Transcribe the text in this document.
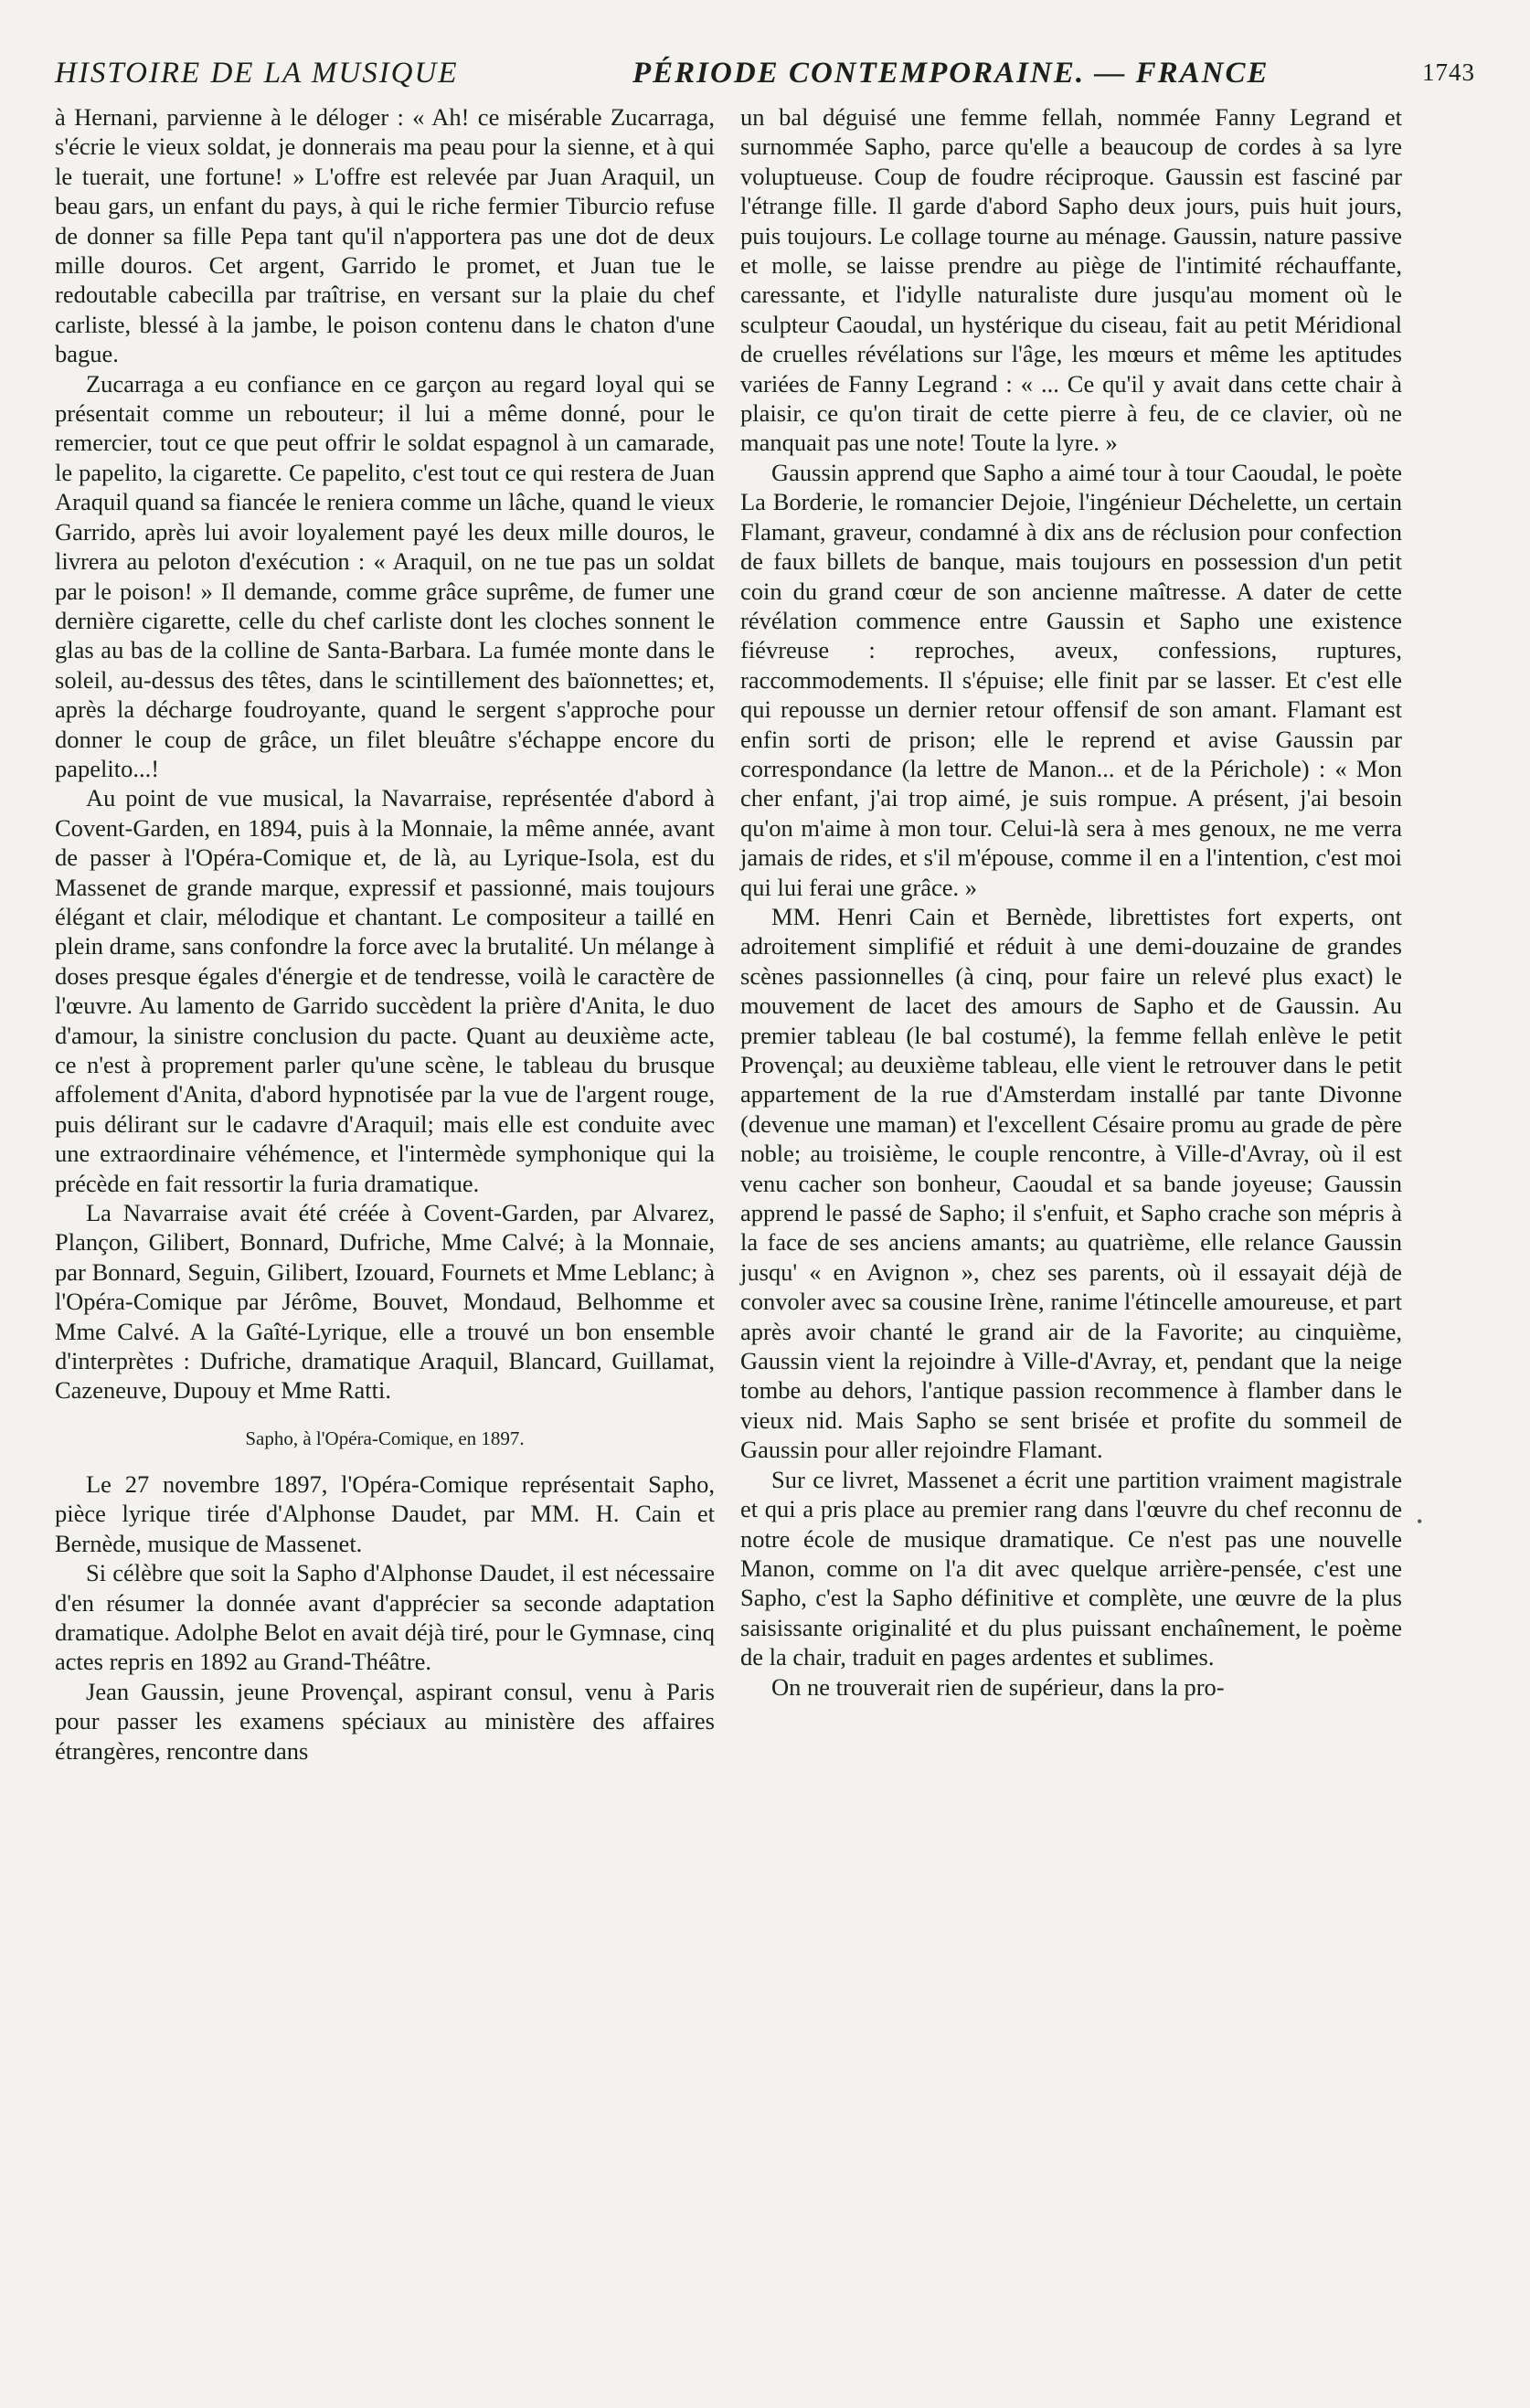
HISTOIRE DE LA MUSIQUE	PÉRIODE CONTEMPORAINE. — FRANCE	1743

à Hernani, parvienne à le déloger : « Ah! ce misérable Zucarraga, s'écrie le vieux soldat, je donnerais ma peau pour la sienne, et à qui le tuerait, une fortune! » L'offre est relevée par Juan Araquil, un beau gars, un enfant du pays, à qui le riche fermier Tiburcio refuse de donner sa fille Pepa tant qu'il n'apportera pas une dot de deux mille douros. Cet argent, Garrido le promet, et Juan tue le redoutable cabecilla par traîtrise, en versant sur la plaie du chef carliste, blessé à la jambe, le poison contenu dans le chaton d'une bague.

Zucarraga a eu confiance en ce garçon au regard loyal qui se présentait comme un rebouteur; il lui a même donné, pour le remercier, tout ce que peut offrir le soldat espagnol à un camarade, le papelito, la cigarette. Ce papelito, c'est tout ce qui restera de Juan Araquil quand sa fiancée le reniera comme un lâche, quand le vieux Garrido, après lui avoir loyalement payé les deux mille douros, le livrera au peloton d'exécution : « Araquil, on ne tue pas un soldat par le poison! » Il demande, comme grâce suprême, de fumer une dernière cigarette, celle du chef carliste dont les cloches sonnent le glas au bas de la colline de Santa-Barbara. La fumée monte dans le soleil, au-dessus des têtes, dans le scintillement des baïonnettes; et, après la décharge foudroyante, quand le sergent s'approche pour donner le coup de grâce, un filet bleuâtre s'échappe encore du papelito...!

Au point de vue musical, la Navarraise, représentée d'abord à Covent-Garden, en 1894, puis à la Monnaie, la même année, avant de passer à l'Opéra-Comique et, de là, au Lyrique-Isola, est du Massenet de grande marque, expressif et passionné, mais toujours élégant et clair, mélodique et chantant. Le compositeur a taillé en plein drame, sans confondre la force avec la brutalité. Un mélange à doses presque égales d'énergie et de tendresse, voilà le caractère de l'œuvre. Au lamento de Garrido succèdent la prière d'Anita, le duo d'amour, la sinistre conclusion du pacte. Quant au deuxième acte, ce n'est à proprement parler qu'une scène, le tableau du brusque affolement d'Anita, d'abord hypnotisée par la vue de l'argent rouge, puis délirant sur le cadavre d'Araquil; mais elle est conduite avec une extraordinaire véhémence, et l'intermède symphonique qui la précède en fait ressortir la furia dramatique.

La Navarraise avait été créée à Covent-Garden, par Alvarez, Plançon, Gilibert, Bonnard, Dufriche, Mme Calvé; à la Monnaie, par Bonnard, Seguin, Gilibert, Izouard, Fournets et Mme Leblanc; à l'Opéra-Comique par Jérôme, Bouvet, Mondaud, Belhomme et Mme Calvé. A la Gaîté-Lyrique, elle a trouvé un bon ensemble d'interprètes : Dufriche, dramatique Araquil, Blancard, Guillamat, Cazeneuve, Dupouy et Mme Ratti.

Sapho, à l'Opéra-Comique, en 1897.

Le 27 novembre 1897, l'Opéra-Comique représentait Sapho, pièce lyrique tirée d'Alphonse Daudet, par MM. H. Cain et Bernède, musique de Massenet.

Si célèbre que soit la Sapho d'Alphonse Daudet, il est nécessaire d'en résumer la donnée avant d'apprécier sa seconde adaptation dramatique. Adolphe Belot en avait déjà tiré, pour le Gymnase, cinq actes repris en 1892 au Grand-Théâtre.

Jean Gaussin, jeune Provençal, aspirant consul, venu à Paris pour passer les examens spéciaux au ministère des affaires étrangères, rencontre dans

un bal déguisé une femme fellah, nommée Fanny Legrand et surnommée Sapho, parce qu'elle a beaucoup de cordes à sa lyre voluptueuse. Coup de foudre réciproque. Gaussin est fasciné par l'étrange fille. Il garde d'abord Sapho deux jours, puis huit jours, puis toujours. Le collage tourne au ménage. Gaussin, nature passive et molle, se laisse prendre au piège de l'intimité réchauffante, caressante, et l'idylle naturaliste dure jusqu'au moment où le sculpteur Caoudal, un hystérique du ciseau, fait au petit Méridional de cruelles révélations sur l'âge, les mœurs et même les aptitudes variées de Fanny Legrand : « ... Ce qu'il y avait dans cette chair à plaisir, ce qu'on tirait de cette pierre à feu, de ce clavier, où ne manquait pas une note! Toute la lyre. »

Gaussin apprend que Sapho a aimé tour à tour Caoudal, le poète La Borderie, le romancier Dejoie, l'ingénieur Déchelette, un certain Flamant, graveur, condamné à dix ans de réclusion pour confection de faux billets de banque, mais toujours en possession d'un petit coin du grand cœur de son ancienne maîtresse. A dater de cette révélation commence entre Gaussin et Sapho une existence fiévreuse : reproches, aveux, confessions, ruptures, raccommodements. Il s'épuise; elle finit par se lasser. Et c'est elle qui repousse un dernier retour offensif de son amant. Flamant est enfin sorti de prison; elle le reprend et avise Gaussin par correspondance (la lettre de Manon... et de la Périchole) : « Mon cher enfant, j'ai trop aimé, je suis rompue. A présent, j'ai besoin qu'on m'aime à mon tour. Celui-là sera à mes genoux, ne me verra jamais de rides, et s'il m'épouse, comme il en a l'intention, c'est moi qui lui ferai une grâce. »

MM. Henri Cain et Bernède, librettistes fort experts, ont adroitement simplifié et réduit à une demi-douzaine de grandes scènes passionnelles (à cinq, pour faire un relevé plus exact) le mouvement de lacet des amours de Sapho et de Gaussin. Au premier tableau (le bal costumé), la femme fellah enlève le petit Provençal; au deuxième tableau, elle vient le retrouver dans le petit appartement de la rue d'Amsterdam installé par tante Divonne (devenue une maman) et l'excellent Césaire promu au grade de père noble; au troisième, le couple rencontre, à Ville-d'Avray, où il est venu cacher son bonheur, Caoudal et sa bande joyeuse; Gaussin apprend le passé de Sapho; il s'enfuit, et Sapho crache son mépris à la face de ses anciens amants; au quatrième, elle relance Gaussin jusqu' « en Avignon », chez ses parents, où il essayait déjà de convoler avec sa cousine Irène, ranime l'étincelle amoureuse, et part après avoir chanté le grand air de la Favorite; au cinquième, Gaussin vient la rejoindre à Ville-d'Avray, et, pendant que la neige tombe au dehors, l'antique passion recommence à flamber dans le vieux nid. Mais Sapho se sent brisée et profite du sommeil de Gaussin pour aller rejoindre Flamant.

Sur ce livret, Massenet a écrit une partition vraiment magistrale et qui a pris place au premier rang dans l'œuvre du chef reconnu de notre école de musique dramatique. Ce n'est pas une nouvelle Manon, comme on l'a dit avec quelque arrière-pensée, c'est une Sapho, c'est la Sapho définitive et complète, une œuvre de la plus saisissante originalité et du plus puissant enchaînement, le poème de la chair, traduit en pages ardentes et sublimes.

On ne trouverait rien de supérieur, dans la pro-

•
